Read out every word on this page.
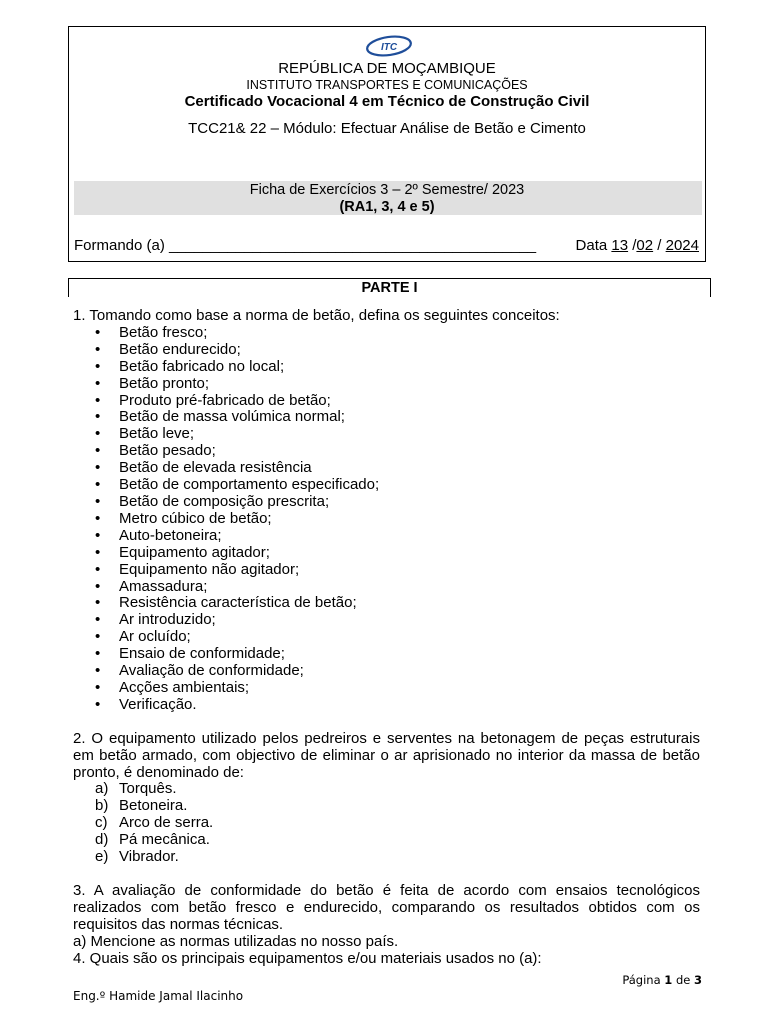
ITC
REPÚBLICA DE MOÇAMBIQUE
INSTITUTO TRANSPORTES E COMUNICAÇÕES
Certificado Vocacional 4 em Técnico de Construção Civil
TCC21& 22 – Módulo: Efectuar Análise de Betão e Cimento
Ficha de Exercícios 3 – 2º Semestre/ 2023
(RA1, 3, 4 e 5)
Formando (a) ____________________________________________	Data 13 /02 / 2024
PARTE I

1. Tomando como base a norma de betão, defina os seguintes conceitos:

• Betão fresco;
• Betão endurecido;
• Betão fabricado no local;
• Betão pronto;
• Produto pré-fabricado de betão;
• Betão de massa volúmica normal;
• Betão leve;
• Betão pesado;
• Betão de elevada resistência
• Betão de comportamento especificado;
• Betão de composição prescrita;
• Metro cúbico de betão;
• Auto-betoneira;
• Equipamento agitador;
• Equipamento não agitador;
• Amassadura;
• Resistência característica de betão;
• Ar introduzido;
• Ar ocluído;
• Ensaio de conformidade;
• Avaliação de conformidade;
• Acções ambientais;
• Verificação.

2. O equipamento utilizado pelos pedreiros e serventes na betonagem de peças estruturais em betão armado, com objectivo de eliminar o ar aprisionado no interior da massa de betão pronto, é denominado de:

a) Torquês.
b) Betoneira.
c) Arco de serra.
d) Pá mecânica.
e) Vibrador.

3. A avaliação de conformidade do betão é feita de acordo com ensaios tecnológicos realizados com betão fresco e endurecido, comparando os resultados obtidos com os requisitos das normas técnicas.

a) Mencione as normas utilizadas no nosso país.

4. Quais são os principais equipamentos e/ou materiais usados no (a):

Página 1 de 3
Eng.º Hamide Jamal Ilacinho
